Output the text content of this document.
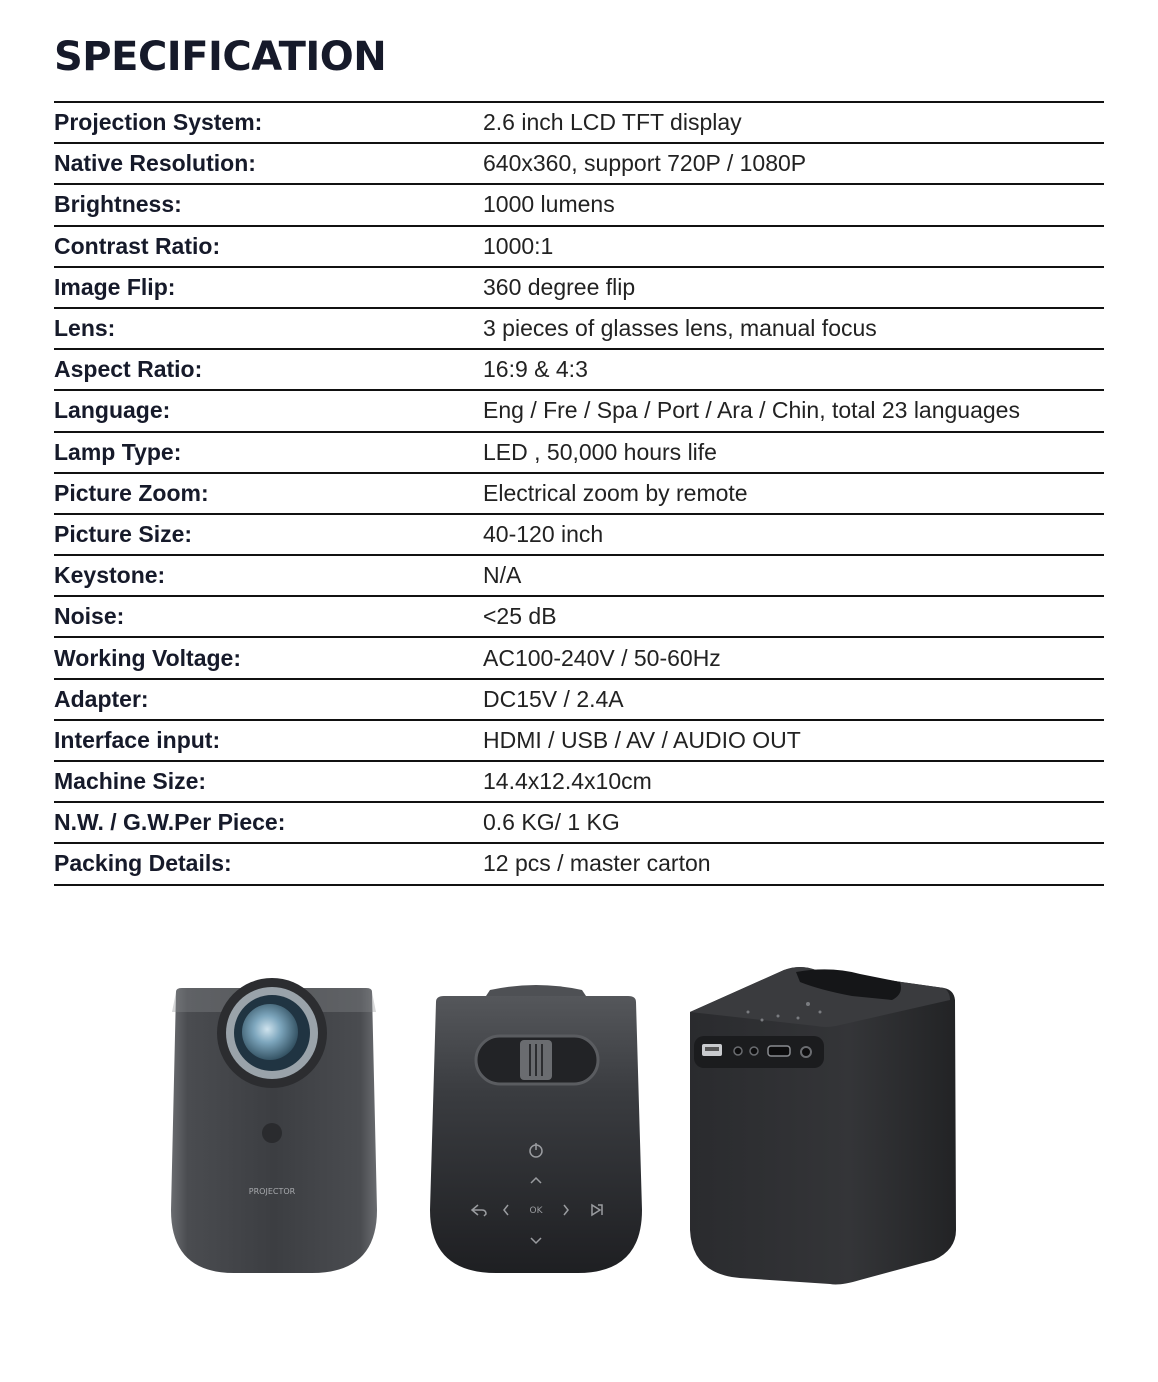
SPECIFICATION
Projection System:	2.6 inch LCD TFT display
Native Resolution:	640x360, support 720P / 1080P
Brightness:	1000 lumens
Contrast Ratio:	1000:1
Image Flip:	360 degree flip
Lens:	3 pieces of glasses lens, manual focus
Aspect Ratio:	16:9 & 4:3
Language:	Eng / Fre / Spa / Port / Ara / Chin, total 23 languages
Lamp Type:	LED , 50,000 hours life
Picture Zoom:	Electrical zoom by remote
Picture Size:	40-120 inch
Keystone:	N/A
Noise:	<25 dB
Working Voltage:	AC100-240V / 50-60Hz
Adapter:	DC15V / 2.4A
Interface input:	HDMI / USB / AV / AUDIO OUT
Machine Size:	14.4x12.4x10cm
N.W. / G.W.Per Piece:	0.6 KG/ 1 KG
Packing Details:	12 pcs / master carton
PROJECTOR
OK
